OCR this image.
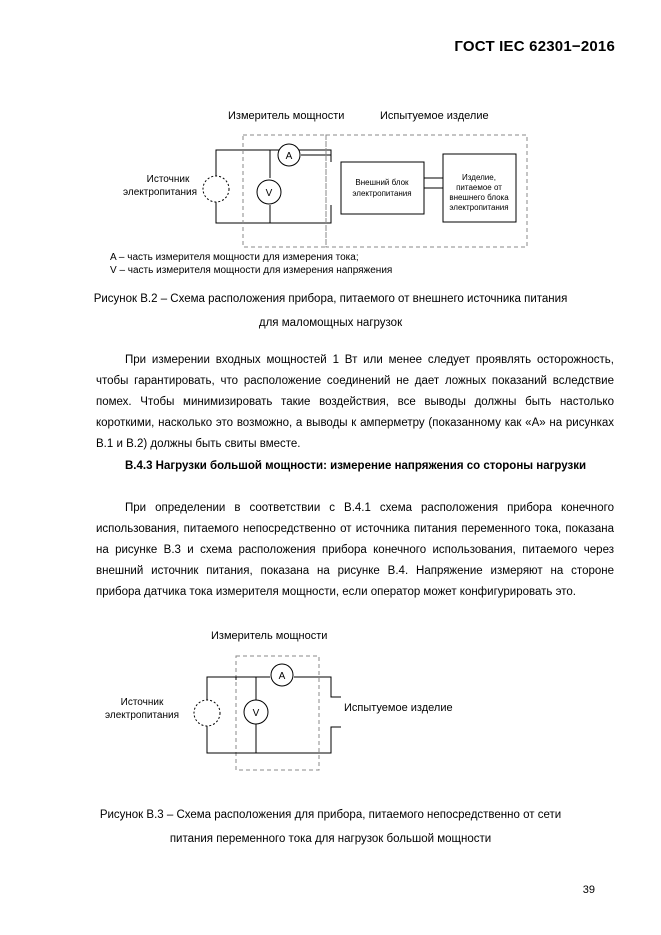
ГОСТ IEC 62301−2016
Измеритель мощности	Испытуемое изделие
A
V
Внешний блок
электропитания
Изделие,
питаемое от
внешнего блока
электропитания
Источник
электропитания
A – часть измерителя мощности для измерения тока;
V – часть измерителя мощности для измерения напряжения
Рисунок В.2 – Схема расположения прибора, питаемого от внешнего источника питания
для маломощных нагрузок

При измерении входных мощностей 1 Вт или менее следует проявлять осторожность, чтобы гарантировать, что расположение соединений не дает ложных показаний вследствие помех. Чтобы минимизировать такие воздействия, все выводы должны быть настолько короткими, насколько это возможно, а выводы к амперметру (показанному как «A» на рисунках В.1 и В.2) должны быть свиты вместе.

В.4.3 Нагрузки большой мощности: измерение напряжения со стороны нагрузки

При определении в соответствии с В.4.1 схема расположения прибора конечного использования, питаемого непосредственно от источника питания переменного тока, показана на рисунке В.3 и схема расположения прибора конечного использования, питаемого через внешний источник питания, показана на рисунке В.4. Напряжение измеряют на стороне прибора датчика тока измерителя мощности, если оператор может конфигурировать это.

Измеритель мощности
A
V
Источник
электропитания
Испытуемое изделие
Рисунок В.3 – Схема расположения для прибора, питаемого непосредственно от сети
питания переменного тока для нагрузок большой мощности
39
